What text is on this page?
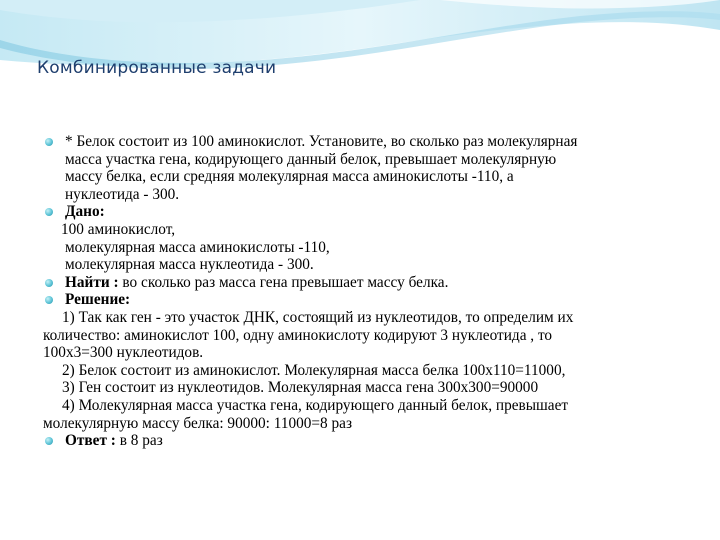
Комбинированные задачи
* Белок состоит из 100 аминокислот. Установите, во сколько раз молекулярная
масса участка гена, кодирующего данный белок, превышает молекулярную
массу белка, если средняя молекулярная масса аминокислоты -110, а
нуклеотида - 300.
Дано:
100 аминокислот,
молекулярная масса аминокислоты -110,
молекулярная масса нуклеотида - 300.
Найти : во сколько раз масса гена превышает массу белка.
Решение:
1) Так как ген - это участок ДНК, состоящий из нуклеотидов, то определим их
количество: аминокислот 100, одну аминокислоту кодируют 3 нуклеотида , то
100х3=300 нуклеотидов.
2) Белок состоит из аминокислот. Молекулярная масса белка 100х110=11000,
3) Ген состоит из нуклеотидов. Молекулярная масса гена 300х300=90000
4) Молекулярная масса участка гена, кодирующего данный белок, превышает
молекулярную массу белка: 90000: 11000=8 раз
Ответ : в 8 раз
